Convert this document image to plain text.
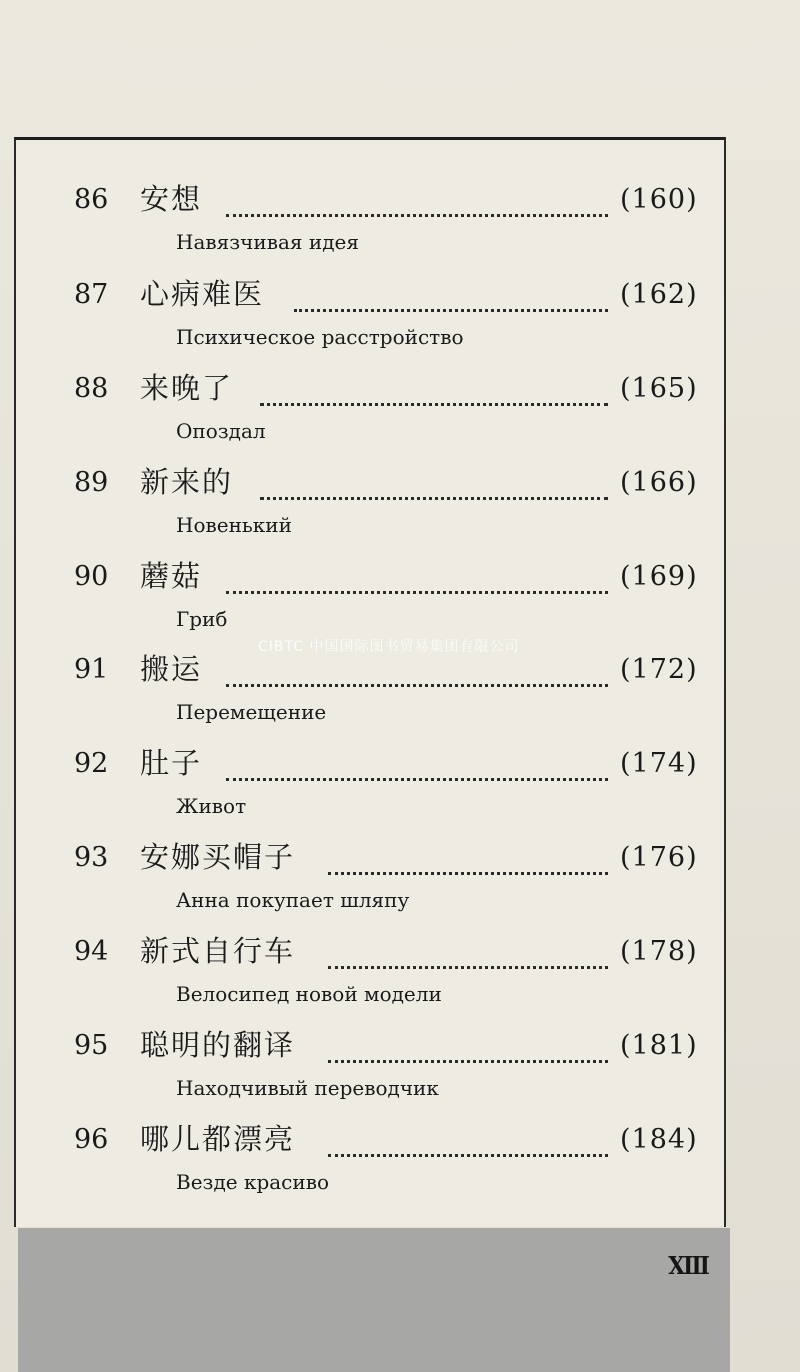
86 安想	(160)
Навязчивая идея
87 心病难医	(162)
Психическое расстройство
88 来晚了	(165)
Опоздал
89 新来的	(166)
Новенький
90 蘑菇	(169)
Гриб
91 搬运	(172)
Перемещение
92 肚子	(174)
Живот
93 安娜买帽子	(176)
Анна покупает шляпу
94 新式自行车	(178)
Велосипед новой модели
95 聪明的翻译	(181)
Находчивый переводчик
96 哪儿都漂亮	(184)
Везде красиво
CIBTC 中国国际图书贸易集团有限公司
XIII
